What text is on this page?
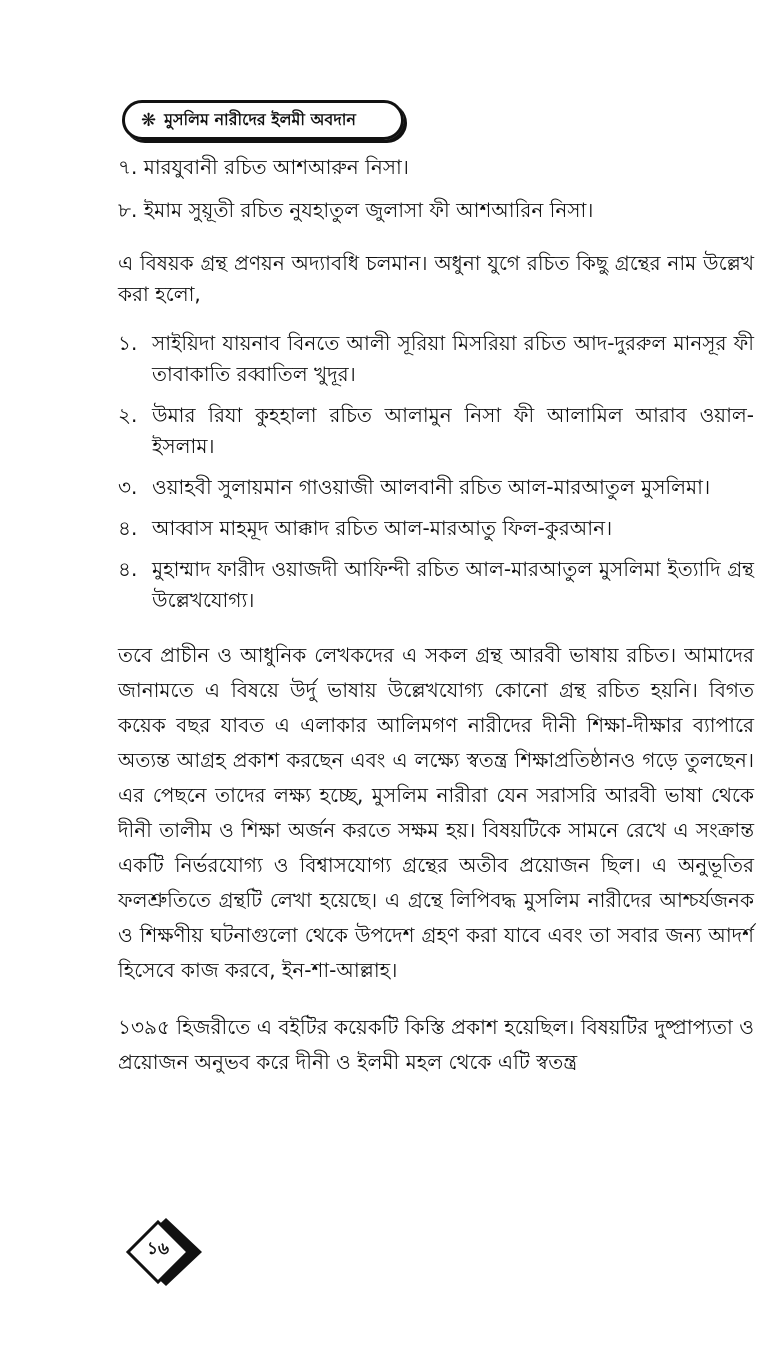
❋ মুসলিম নারীদের ইলমী অবদান
৭. মারযুবানী রচিত আশআরুন নিসা।
৮. ইমাম সুয়ূতী রচিত নুযহাতুল জুলাসা ফী আশআরিন নিসা।

এ বিষয়ক গ্রন্থ প্রণয়ন অদ্যাবধি চলমান। অধুনা যুগে রচিত কিছু গ্রন্থের নাম উল্লেখ করা হলো,

১. সাইয়িদা যায়নাব বিনতে আলী সূরিয়া মিসরিয়া রচিত আদ-দুররুল মানসূর ফী তাবাকাতি রব্বাতিল খুদূর।
২. উমার রিযা কুহহালা রচিত আলামুন নিসা ফী আলামিল আরাব ওয়াল-ইসলাম।
৩. ওয়াহবী সুলায়মান গাওয়াজী আলবানী রচিত আল-মারআতুল মুসলিমা।
৪. আব্বাস মাহমূদ আক্কাদ রচিত আল-মারআতু ফিল-কুরআন।
৪. মুহাম্মাদ ফারীদ ওয়াজদী আফিন্দী রচিত আল-মারআতুল মুসলিমা ইত্যাদি গ্রন্থ উল্লেখযোগ্য।

তবে প্রাচীন ও আধুনিক লেখকদের এ সকল গ্রন্থ আরবী ভাষায় রচিত। আমাদের জানামতে এ বিষয়ে উর্দু ভাষায় উল্লেখযোগ্য কোনো গ্রন্থ রচিত হয়নি। বিগত কয়েক বছর যাবত এ এলাকার আলিমগণ নারীদের দীনী শিক্ষা-দীক্ষার ব্যাপারে অত্যন্ত আগ্রহ প্রকাশ করছেন এবং এ লক্ষ্যে স্বতন্ত্র শিক্ষাপ্রতিষ্ঠানও গড়ে তুলছেন। এর পেছনে তাদের লক্ষ্য হচ্ছে, মুসলিম নারীরা যেন সরাসরি আরবী ভাষা থেকে দীনী তালীম ও শিক্ষা অর্জন করতে সক্ষম হয়। বিষয়টিকে সামনে রেখে এ সংক্রান্ত একটি নির্ভরযোগ্য ও বিশ্বাসযোগ্য গ্রন্থের অতীব প্রয়োজন ছিল। এ অনুভূতির ফলশ্রুতিতে গ্রন্থটি লেখা হয়েছে। এ গ্রন্থে লিপিবদ্ধ মুসলিম নারীদের আশ্চর্যজনক ও শিক্ষণীয় ঘটনাগুলো থেকে উপদেশ গ্রহণ করা যাবে এবং তা সবার জন্য আদর্শ হিসেবে কাজ করবে, ইন-শা-আল্লাহ।

১৩৯৫ হিজরীতে এ বইটির কয়েকটি কিস্তি প্রকাশ হয়েছিল। বিষয়টির দুষ্প্রাপ্যতা ও প্রয়োজন অনুভব করে দীনী ও ইলমী মহল থেকে এটি স্বতন্ত্র

১৬
